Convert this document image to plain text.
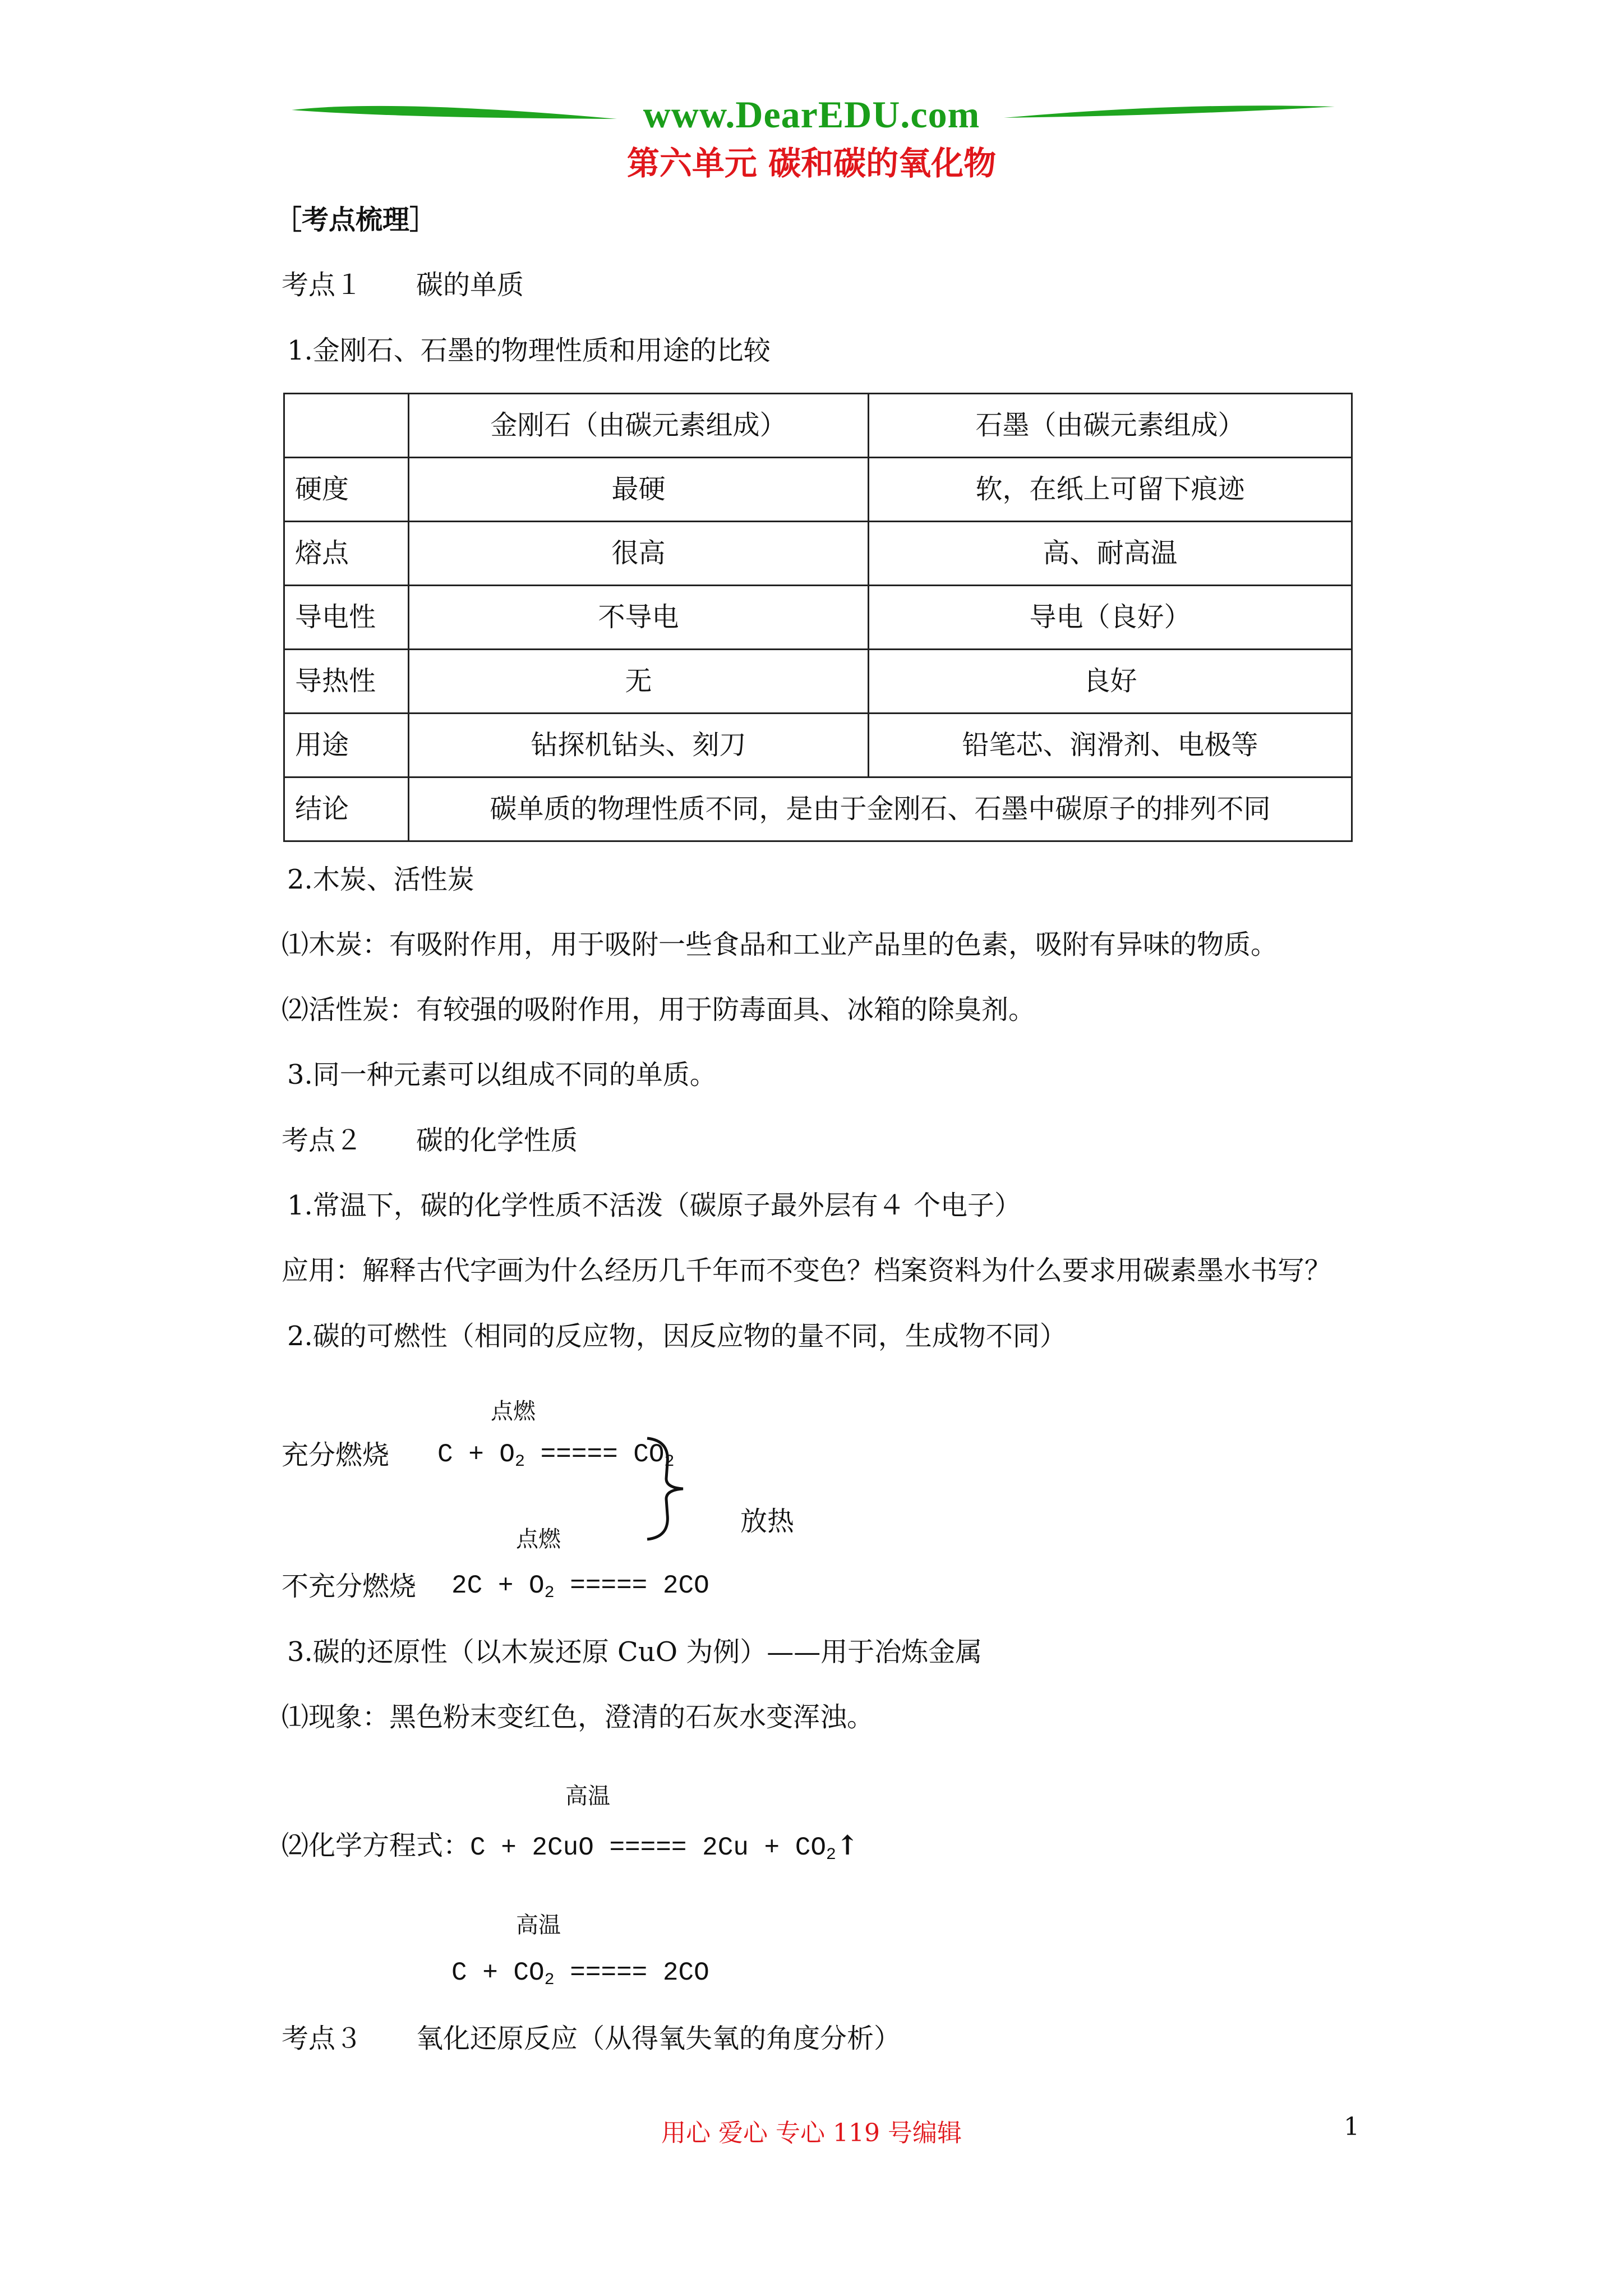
www.DearEDU.com
第六单元 碳和碳的氧化物
［考点梳理］
考点１　　碳的单质
1.金刚石、石墨的物理性质和用途的比较
	金刚石（由碳元素组成）	石墨（由碳元素组成）
硬度	最硬	软，在纸上可留下痕迹
熔点	很高	高、耐高温
导电性	不导电	导电（良好）
导热性	无	良好
用途	钻探机钻头、刻刀	铅笔芯、润滑剂、电极等
结论	碳单质的物理性质不同，是由于金刚石、石墨中碳原子的排列不同	
2.木炭、活性炭
⑴木炭：有吸附作用，用于吸附一些食品和工业产品里的色素，吸附有异味的物质。
⑵活性炭：有较强的吸附作用，用于防毒面具、冰箱的除臭剂。
3.同一种元素可以组成不同的单质。
考点２　　碳的化学性质
1.常温下，碳的化学性质不活泼（碳原子最外层有４ 个电子）
应用：解释古代字画为什么经历几千年而不变色？档案资料为什么要求用碳素墨水书写？
2.碳的可燃性（相同的反应物，因反应物的量不同，生成物不同）
点燃
充分燃烧 $C + O_2$ ===== $CO_2$
放热
点燃
不充分燃烧 $2C + O_2$ ===== 2CO
3.碳的还原性（以木炭还原 CuO 为例）——用于冶炼金属
⑴现象：黑色粉末变红色，澄清的石灰水变浑浊。
高温
⑵化学方程式：C + 2CuO ===== $2Cu + CO_2↑$
高温
$C + CO_2$ ===== 2CO
考点３　　氧化还原反应（从得氧失氧的角度分析）
用心 爱心 专心 119 号编辑	1
